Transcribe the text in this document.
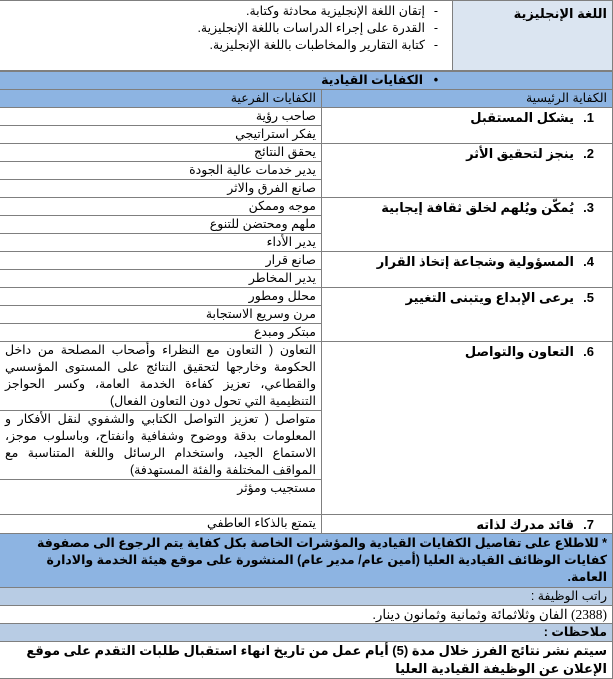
اللغة الإنجليزية	
-إتقان اللغة الإنجليزية محادثة وكتابة.
-القدرة على إجراء الدراسات باللغة الإنجليزية.
-كتابة التقارير والمخاطبات باللغة الإنجليزية.
•الكفايات القيادية	
الكفاية الرئيسية	الكفايات الفرعية
1.يشكل المستقبل	صاحب رؤية
	يفكر استراتيجي
2.ينجز لتحقيق الأثر	يحقق النتائج
	يدير خدمات عالية الجودة
	صانع الفرق والاثر
3.يُمكّن ويُلهم لخلق ثقافة إيجابية	موجه وممكن
	ملهم ومحتضن للتنوع
	يدير الأداء
4.المسؤولية وشجاعة إتخاذ القرار	صانع قرار
	يدير المخاطر
5.يرعى الإبداع ويتبنى التغيير	محلل ومطور
	مرن وسريع الاستجابة
	مبتكر ومبدع
6.التعاون والتواصل	التعاون ( التعاون مع النظراء وأصحاب المصلحة من داخل الحكومة وخارجها لتحقيق النتائج على المستوى المؤسسي والقطاعي، تعزيز كفاءة الخدمة العامة، وكسر الحواجز التنظيمية التي تحول دون التعاون الفعال)
	متواصل ( تعزيز التواصل الكتابي والشفوي لنقل الأفكار و المعلومات بدقة ووضوح وشفافية وانفتاح، وباسلوب موجز، الاستماع الجيد، واستخدام الرسائل واللغة المتناسبة مع المواقف المختلفة والفئة المستهدفة)
	مستجيب ومؤثر
7.قائد مدرك لذاته	يتمتع بالذكاء العاطفي
* للاطلاع على تفاصيل الكفايات القيادية والمؤشرات الخاصة بكل كفاية يتم الرجوع الى مصفوفة كفايات الوظائف القيادية العليا (أمين عام/ مدير عام) المنشورة على موقع هيئة الخدمة والادارة العامة.	
راتب الوظيفة :	
(2388) الفان وثلاثمائة وثمانية وثمانون دينار.	
ملاحظات :	
سيتم نشر نتائج الفرز خلال مدة (5) أيام عمل من تاريخ انهاء استقبال طلبات التقدم على موقع الإعلان عن الوظيفة القيادية العليا	
